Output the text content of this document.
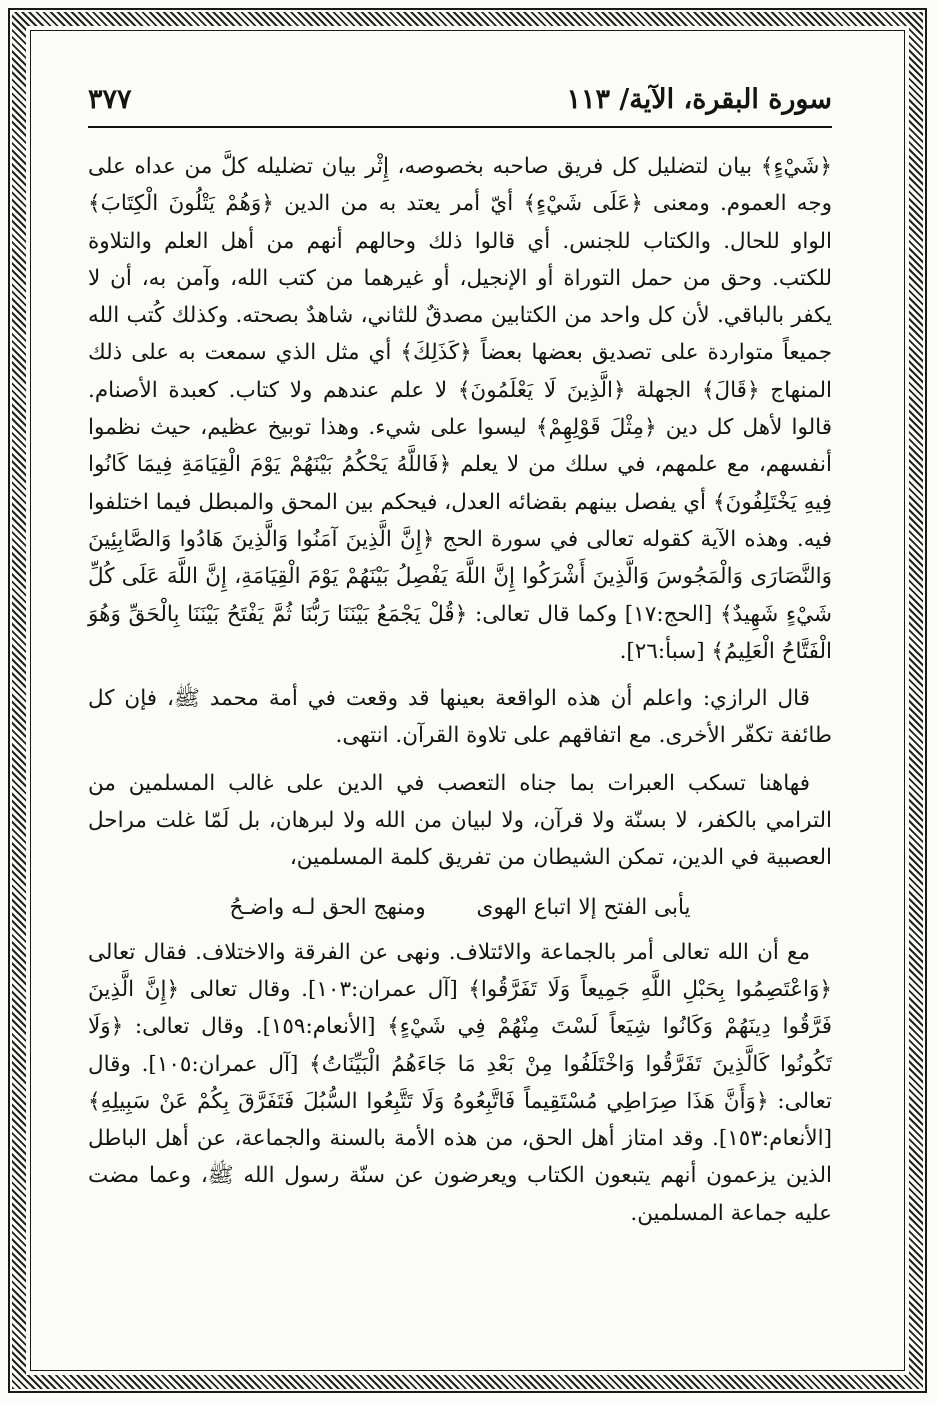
سورة البقرة، الآية/ ١١٣
٣٧٧

﴿شَيْءٍ﴾ بيان لتضليل كل فريق صاحبه بخصوصه، إِثْر بيان تضليله كلَّ من عداه على وجه العموم. ومعنى ﴿عَلَى شَيْءٍ﴾ أيّ أمر يعتد به من الدين ﴿وَهُمْ يَتْلُونَ الْكِتَابَ﴾ الواو للحال. والكتاب للجنس. أي قالوا ذلك وحالهم أنهم من أهل العلم والتلاوة للكتب. وحق من حمل التوراة أو الإنجيل، أو غيرهما من كتب الله، وآمن به، أن لا يكفر بالباقي. لأن كل واحد من الكتابين مصدقٌ للثاني، شاهدٌ بصحته. وكذلك كُتب الله جميعاً متواردة على تصديق بعضها بعضاً ﴿كَذَلِكَ﴾ أي مثل الذي سمعت به على ذلك المنهاج ﴿قَالَ﴾ الجهلة ﴿الَّذِينَ لَا يَعْلَمُونَ﴾ لا علم عندهم ولا كتاب. كعبدة الأصنام. قالوا لأهل كل دين ﴿مِثْلَ قَوْلِهِمْ﴾ ليسوا على شيء. وهذا توبيخ عظيم، حيث نظموا أنفسهم، مع علمهم، في سلك من لا يعلم ﴿فَاللَّهُ يَحْكُمُ بَيْنَهُمْ يَوْمَ الْقِيَامَةِ فِيمَا كَانُوا فِيهِ يَخْتَلِفُونَ﴾ أي يفصل بينهم بقضائه العدل، فيحكم بين المحق والمبطل فيما اختلفوا فيه. وهذه الآية كقوله تعالى في سورة الحج ﴿إِنَّ الَّذِينَ آمَنُوا وَالَّذِينَ هَادُوا وَالصَّابِئِينَ وَالنَّصَارَى وَالْمَجُوسَ وَالَّذِينَ أَشْرَكُوا إِنَّ اللَّهَ يَفْصِلُ بَيْنَهُمْ يَوْمَ الْقِيَامَةِ، إِنَّ اللَّهَ عَلَى كُلِّ شَيْءٍ شَهِيدٌ﴾ [الحج:١٧] وكما قال تعالى: ﴿قُلْ يَجْمَعُ بَيْنَنَا رَبُّنَا ثُمَّ يَفْتَحُ بَيْنَنَا بِالْحَقِّ وَهُوَ الْفَتَّاحُ الْعَلِيمُ﴾ [سبأ:٢٦].

قال الرازي: واعلم أن هذه الواقعة بعينها قد وقعت في أمة محمد ﷺ، فإن كل طائفة تكفّر الأخرى. مع اتفاقهم على تلاوة القرآن. انتهى.

فهاهنا تسكب العبرات بما جناه التعصب في الدين على غالب المسلمين من الترامي بالكفر، لا بسنّة ولا قرآن، ولا لبيان من الله ولا لبرهان، بل لَمّا غلت مراحل العصبية في الدين، تمكن الشيطان من تفريق كلمة المسلمين،

يأبى الفتح إلا اتباع الهوى ومنهج الحق لـه واضـحُ

مع أن الله تعالى أمر بالجماعة والائتلاف. ونهى عن الفرقة والاختلاف. فقال تعالى ﴿وَاعْتَصِمُوا بِحَبْلِ اللَّهِ جَمِيعاً وَلَا تَفَرَّقُوا﴾ [آل عمران:١٠٣]. وقال تعالى ﴿إِنَّ الَّذِينَ فَرَّقُوا دِينَهُمْ وَكَانُوا شِيَعاً لَسْتَ مِنْهُمْ فِي شَيْءٍ﴾ [الأنعام:١٥٩]. وقال تعالى: ﴿وَلَا تَكُونُوا كَالَّذِينَ تَفَرَّقُوا وَاخْتَلَفُوا مِنْ بَعْدِ مَا جَاءَهُمُ الْبَيِّنَاتُ﴾ [آل عمران:١٠٥]. وقال تعالى: ﴿وَأَنَّ هَذَا صِرَاطِي مُسْتَقِيماً فَاتَّبِعُوهُ وَلَا تَتَّبِعُوا السُّبُلَ فَتَفَرَّقَ بِكُمْ عَنْ سَبِيلِهِ﴾ [الأنعام:١٥٣]. وقد امتاز أهل الحق، من هذه الأمة بالسنة والجماعة، عن أهل الباطل الذين يزعمون أنهم يتبعون الكتاب ويعرضون عن سنّة رسول الله ﷺ، وعما مضت عليه جماعة المسلمين.
